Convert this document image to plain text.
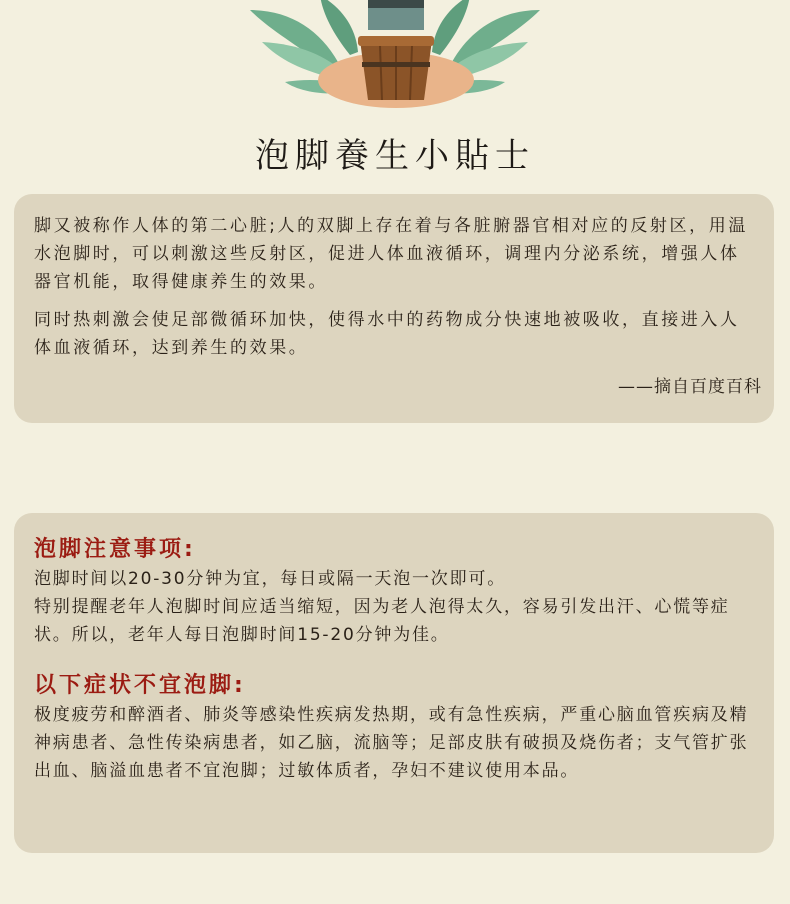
泡脚養生小貼士

脚又被称作人体的第二心脏;人的双脚上存在着与各脏腑器官相对应的反射区，用温水泡脚时，可以刺激这些反射区，促进人体血液循环，调理内分泌系统，增强人体器官机能，取得健康养生的效果。

同时热刺激会使足部微循环加快，使得水中的药物成分快速地被吸收，直接进入人体血液循环，达到养生的效果。

——摘自百度百科
泡脚注意事项:

泡脚时间以20-30分钟为宜，每日或隔一天泡一次即可。

特别提醒老年人泡脚时间应适当缩短，因为老人泡得太久，容易引发出汗、心慌等症状。所以，老年人每日泡脚时间15-20分钟为佳。

以下症状不宜泡脚:

极度疲劳和醉酒者、肺炎等感染性疾病发热期，或有急性疾病，严重心脑血管疾病及精神病患者、急性传染病患者，如乙脑，流脑等；足部皮肤有破损及烧伤者；支气管扩张出血、脑溢血患者不宜泡脚；过敏体质者，孕妇不建议使用本品。
